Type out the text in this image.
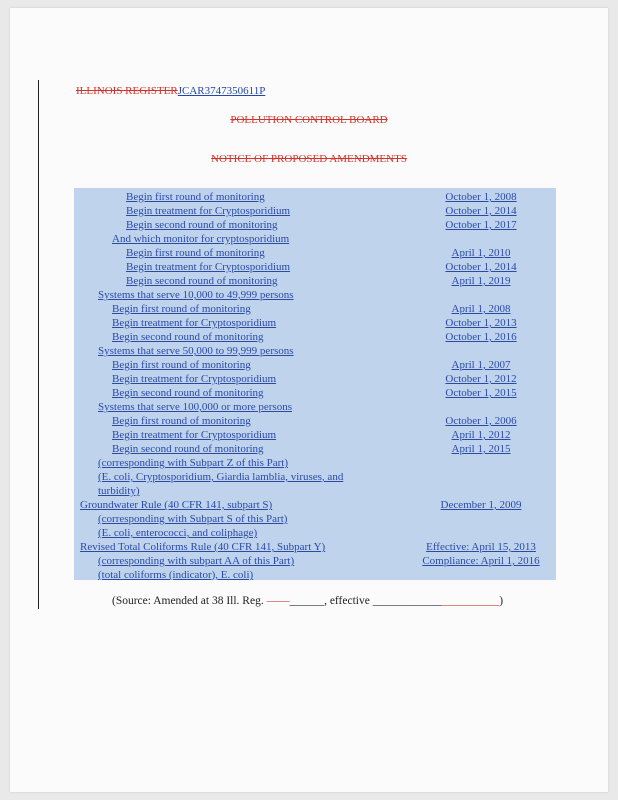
ILLINOIS REGISTERJCAR3747350611P
POLLUTION CONTROL BOARD
NOTICE OF PROPOSED AMENDMENTS
Begin first round of monitoring	October 1, 2008
Begin treatment for Cryptosporidium	October 1, 2014
Begin second round of monitoring	October 1, 2017
And which monitor for cryptosporidium
Begin first round of monitoring	April 1, 2010
Begin treatment for Cryptosporidium	October 1, 2014
Begin second round of monitoring	April 1, 2019
Systems that serve 10,000 to 49,999 persons
Begin first round of monitoring	April 1, 2008
Begin treatment for Cryptosporidium	October 1, 2013
Begin second round of monitoring	October 1, 2016
Systems that serve 50,000 to 99,999 persons
Begin first round of monitoring	April 1, 2007
Begin treatment for Cryptosporidium	October 1, 2012
Begin second round of monitoring	October 1, 2015
Systems that serve 100,000 or more persons
Begin first round of monitoring	October 1, 2006
Begin treatment for Cryptosporidium	April 1, 2012
Begin second round of monitoring	April 1, 2015
(corresponding with Subpart Z of this Part)
(E. coli, Cryptosporidium, Giardia lamblia, viruses, and
turbidity)
Groundwater Rule (40 CFR 141, subpart S)	December 1, 2009
(corresponding with Subpart S of this Part)
(E. coli, enterococci, and coliphage)
Revised Total Coliforms Rule (40 CFR 141, Subpart Y)	Effective: April 15, 2013
(corresponding with subpart AA of this Part)	Compliance: April 1, 2016
(total coliforms (indicator), E. coli)
(Source: Amended at 38 Ill. Reg. ——______, effective ______________________)
